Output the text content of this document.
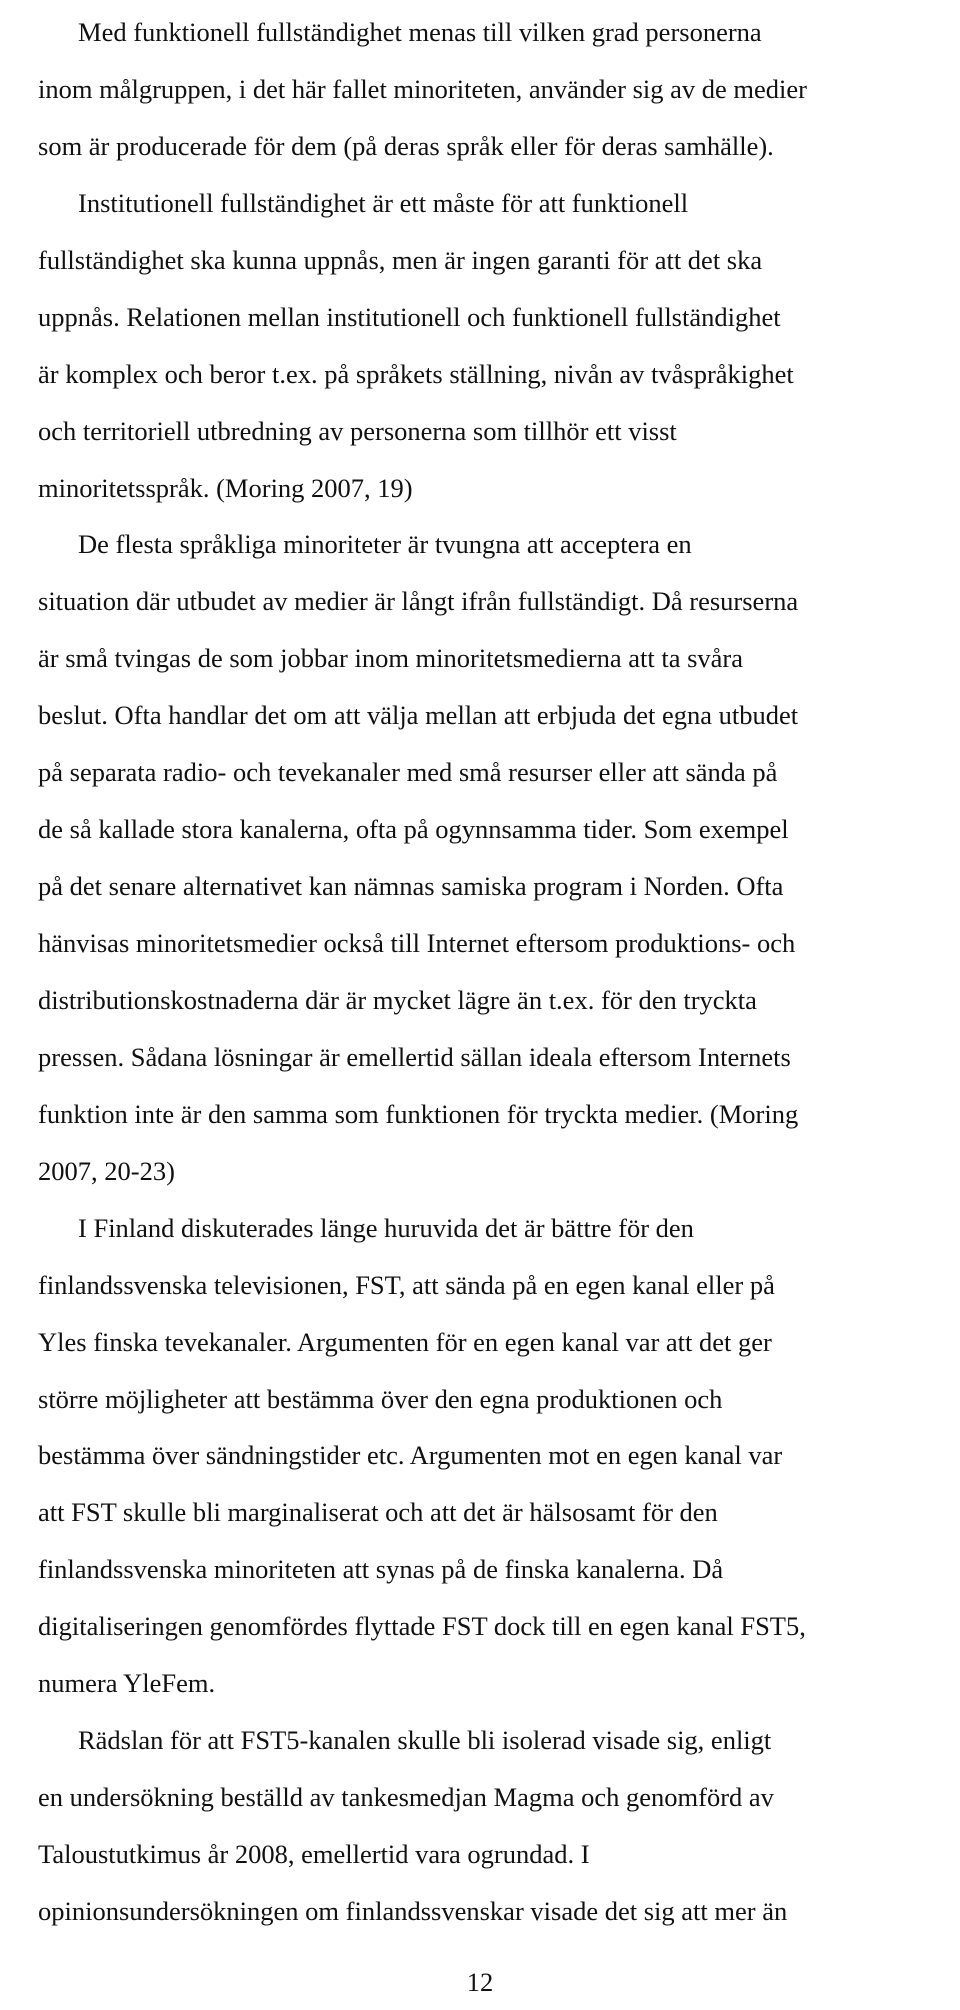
Med funktionell fullständighet menas till vilken grad personerna
inom målgruppen, i det här fallet minoriteten, använder sig av de medier
som är producerade för dem (på deras språk eller för deras samhälle).
Institutionell fullständighet är ett måste för att funktionell
fullständighet ska kunna uppnås, men är ingen garanti för att det ska
uppnås. Relationen mellan institutionell och funktionell fullständighet
är komplex och beror t.ex. på språkets ställning, nivån av tvåspråkighet
och territoriell utbredning av personerna som tillhör ett visst
minoritetsspråk. (Moring 2007, 19)
De flesta språkliga minoriteter är tvungna att acceptera en
situation där utbudet av medier är långt ifrån fullständigt. Då resurserna
är små tvingas de som jobbar inom minoritetsmedierna att ta svåra
beslut. Ofta handlar det om att välja mellan att erbjuda det egna utbudet
på separata radio- och tevekanaler med små resurser eller att sända på
de så kallade stora kanalerna, ofta på ogynnsamma tider. Som exempel
på det senare alternativet kan nämnas samiska program i Norden. Ofta
hänvisas minoritetsmedier också till Internet eftersom produktions- och
distributionskostnaderna där är mycket lägre än t.ex. för den tryckta
pressen. Sådana lösningar är emellertid sällan ideala eftersom Internets
funktion inte är den samma som funktionen för tryckta medier. (Moring
2007, 20-23)
I Finland diskuterades länge huruvida det är bättre för den
finlandssvenska televisionen, FST, att sända på en egen kanal eller på
Yles finska tevekanaler. Argumenten för en egen kanal var att det ger
större möjligheter att bestämma över den egna produktionen och
bestämma över sändningstider etc. Argumenten mot en egen kanal var
att FST skulle bli marginaliserat och att det är hälsosamt för den
finlandssvenska minoriteten att synas på de finska kanalerna. Då
digitaliseringen genomfördes flyttade FST dock till en egen kanal FST5,
numera YleFem.
Rädslan för att FST5-kanalen skulle bli isolerad visade sig, enligt
en undersökning beställd av tankesmedjan Magma och genomförd av
Taloustutkimus år 2008, emellertid vara ogrundad. I
opinionsundersökningen om finlandssvenskar visade det sig att mer än
12
